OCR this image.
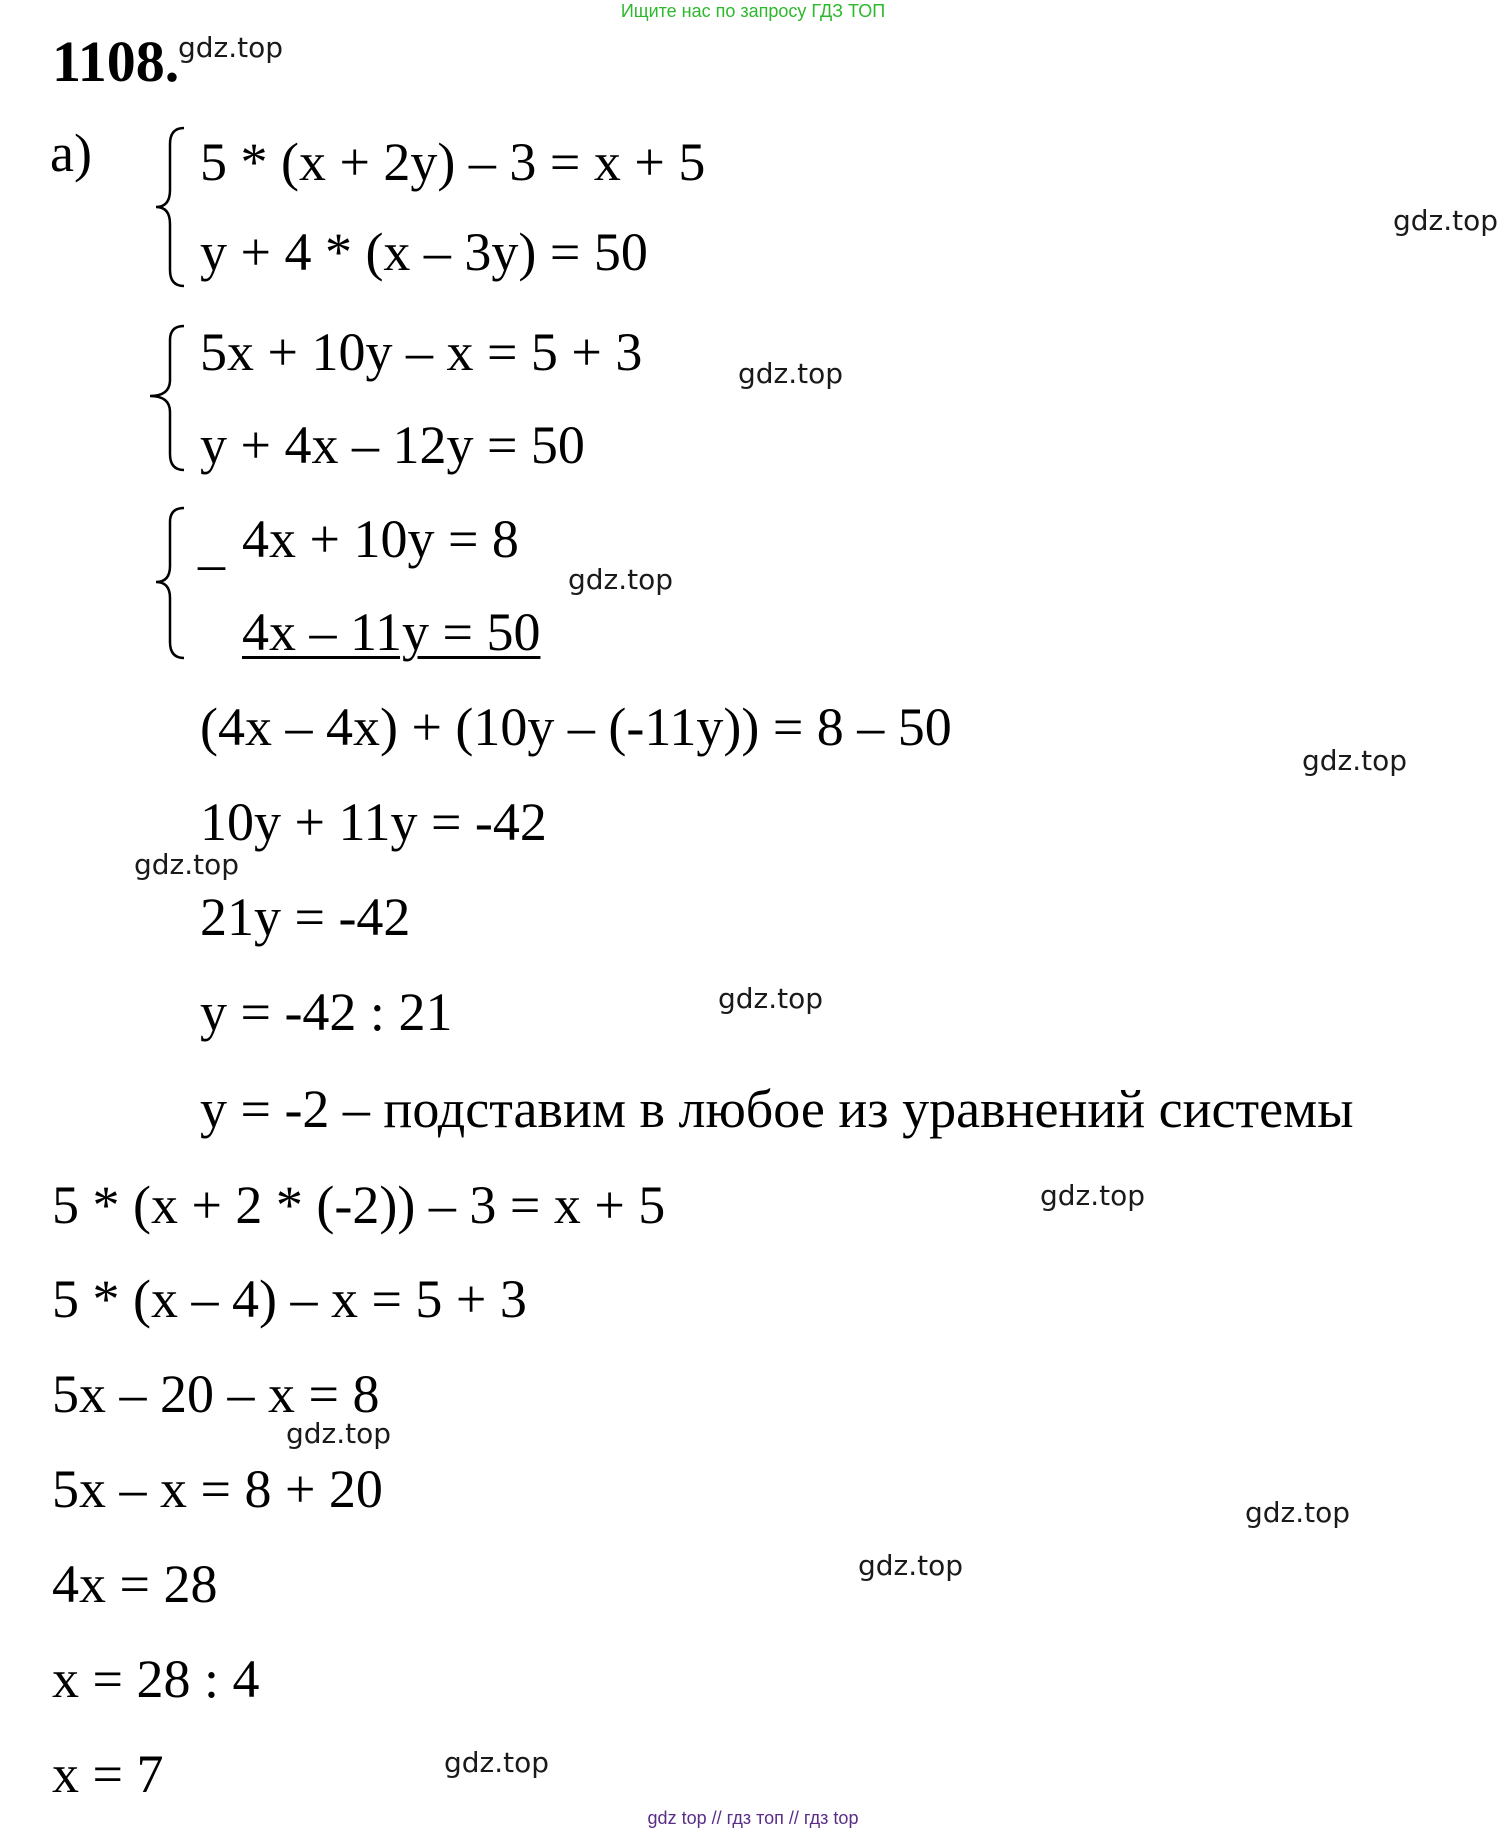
Ищите нас по запросу ГДЗ ТОП
1108.
а) 5 * (x + 2y) – 3 = x + 5
y + 4 * (x – 3y) = 50
5x + 10y – x = 5 + 3
y + 4x – 12y = 50
_ 4x + 10y = 8
4x – 11y = 50
(4x – 4x) + (10y – (-11y)) = 8 – 50
10y + 11y = -42
21y = -42
y = -42 : 21
y = -2 – подставим в любое из уравнений системы
5 * (x + 2 * (-2)) – 3 = x + 5
5 * (x – 4) – x = 5 + 3
5x – 20 – x = 8
5x – x = 8 + 20
4x = 28
x = 28 : 4
x = 7
gdz.top
gdz.top
gdz.top
gdz.top
gdz.top
gdz.top
gdz.top
gdz.top
gdz.top
gdz.top
gdz.top
gdz.top
gdz top // гдз топ // гдз top
